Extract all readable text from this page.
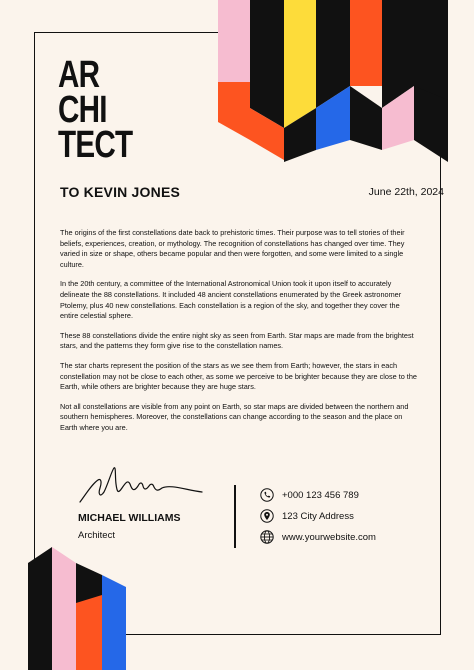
AR
CHI
TECT
TO KEVIN JONES	June 22th, 2024

The origins of the first constellations date back to prehistoric times. Their purpose was to tell stories of their beliefs, experiences, creation, or mythology. The recognition of constellations has changed over time. They varied in size or shape, others became popular and then were forgotten, and some were limited to a single culture.

In the 20th century, a committee of the International Astronomical Union took it upon itself to accurately delineate the 88 constellations. It included 48 ancient constellations enumerated by the Greek astronomer Ptolemy, plus 40 new constellations. Each constellation is a region of the sky, and together they cover the entire celestial sphere.

These 88 constellations divide the entire night sky as seen from Earth. Star maps are made from the brightest stars, and the patterns they form give rise to the constellation names.

The star charts represent the position of the stars as we see them from Earth; however, the stars in each constellation may not be close to each other, as some we perceive to be brighter because they are close to the Earth, while others are brighter because they are huge stars.

Not all constellations are visible from any point on Earth, so star maps are divided between the northern and southern hemispheres. Moreover, the constellations can change according to the season and the place on Earth where you are.

MICHAEL WILLIAMS
Architect
+000 123 456 789
123 City Address
www.yourwebsite.com
